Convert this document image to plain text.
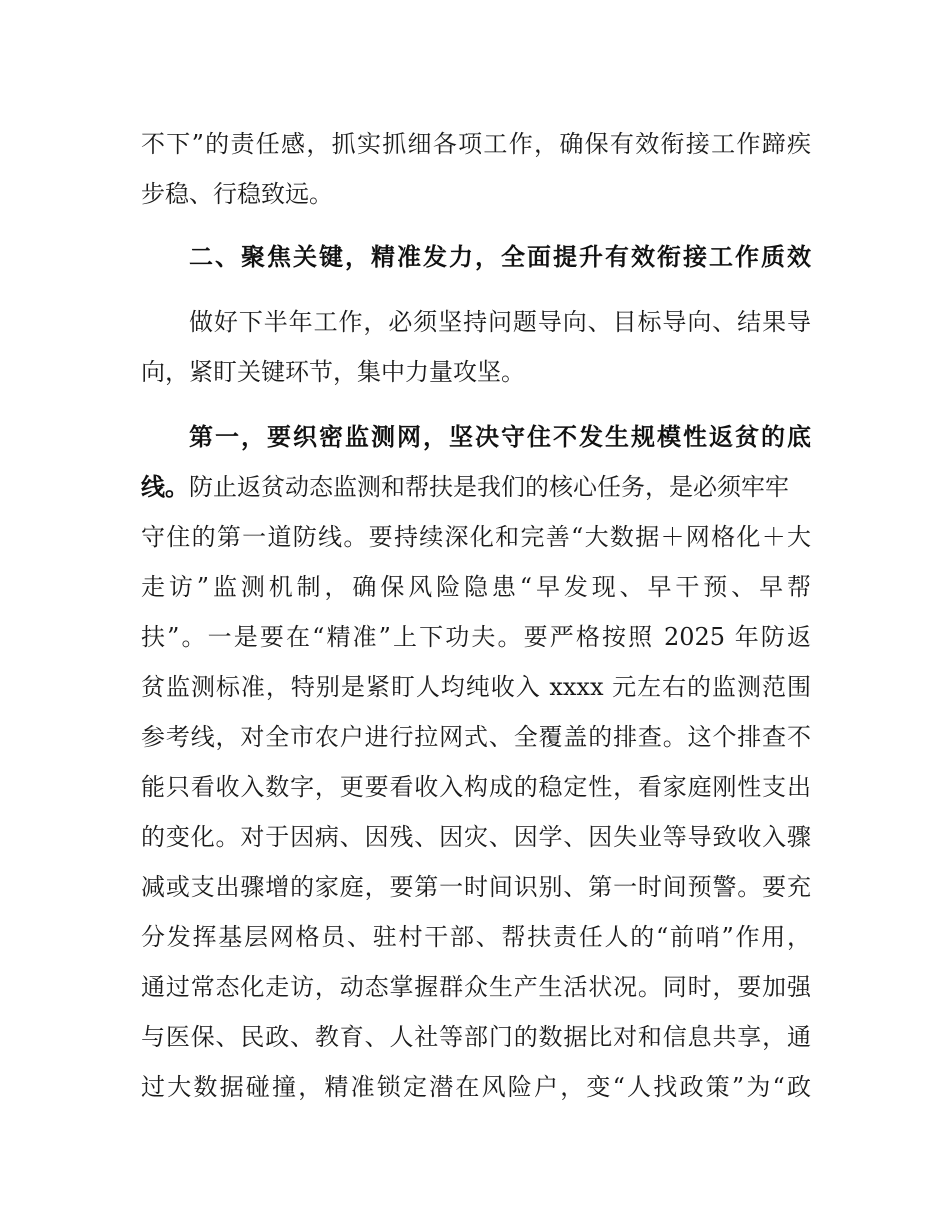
不下”的责任感，抓实抓细各项工作，确保有效衔接工作蹄疾
步稳、行稳致远。
二、聚焦关键，精准发力，全面提升有效衔接工作质效
做好下半年工作，必须坚持问题导向、目标导向、结果导
向，紧盯关键环节，集中力量攻坚。
第一，要织密监测网，坚决守住不发生规模性返贫的底
线。防止返贫动态监测和帮扶是我们的核心任务，是必须牢牢
守住的第一道防线。要持续深化和完善“大数据＋网格化＋大
走访”监测机制，确保风险隐患“早发现、早干预、早帮
扶”。一是要在“精准”上下功夫。要严格按照 2025 年防返
贫监测标准，特别是紧盯人均纯收入 xxxx 元左右的监测范围
参考线，对全市农户进行拉网式、全覆盖的排查。这个排查不
能只看收入数字，更要看收入构成的稳定性，看家庭刚性支出
的变化。对于因病、因残、因灾、因学、因失业等导致收入骤
减或支出骤增的家庭，要第一时间识别、第一时间预警。要充
分发挥基层网格员、驻村干部、帮扶责任人的“前哨”作用，
通过常态化走访，动态掌握群众生产生活状况。同时，要加强
与医保、民政、教育、人社等部门的数据比对和信息共享，通
过大数据碰撞，精准锁定潜在风险户，变“人找政策”为“政
